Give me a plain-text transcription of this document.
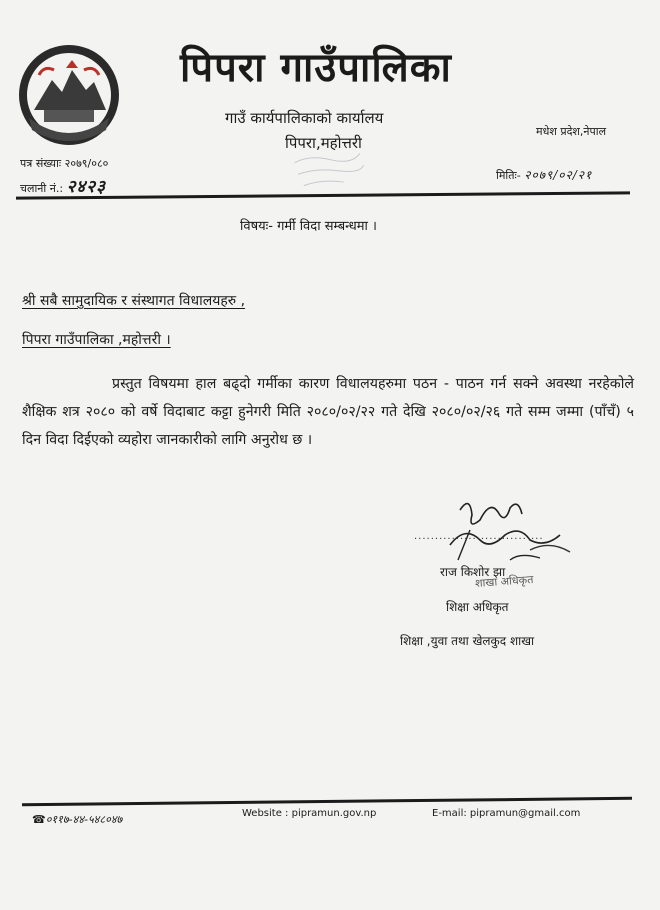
पिपरा गाउँपालिका
गाउँ कार्यपालिकाको कार्यालय
पिपरा,महोत्तरी
मधेश प्रदेश,नेपाल
पत्र संख्याः २०७९/०८०
चलानी नं.: २४२३
मितिः- २०७९/०२/२१
विषयः- गर्मी विदा सम्बन्धमा ।
श्री सबै सामुदायिक र संस्थागत विधालयहरु ,
पिपरा गाउँपालिका ,महोत्तरी ।
प्रस्तुत विषयमा हाल बढ्दो गर्मीका कारण विधालयहरुमा पठन - पाठन गर्न सक्ने अवस्था नरहेकोले शैक्षिक शत्र २०८० को वर्षे विदाबाट कट्टा हुनेगरी मिति २०८०/०२/२२ गते देखि २०८०/०२/२६ गते सम्म जम्मा (पाँचँ) ५ दिन विदा दिईएको व्यहोरा जानकारीको लागि अनुरोध छ ।
...............................
राज किशोर झा
शाखा अधिकृत
शिक्षा अधिकृत
शिक्षा ,युवा तथा खेलकुद शाखा
☎०११७-४४-५४८०४७	Website : pipramun.gov.np	E-mail: pipramun@gmail.com
